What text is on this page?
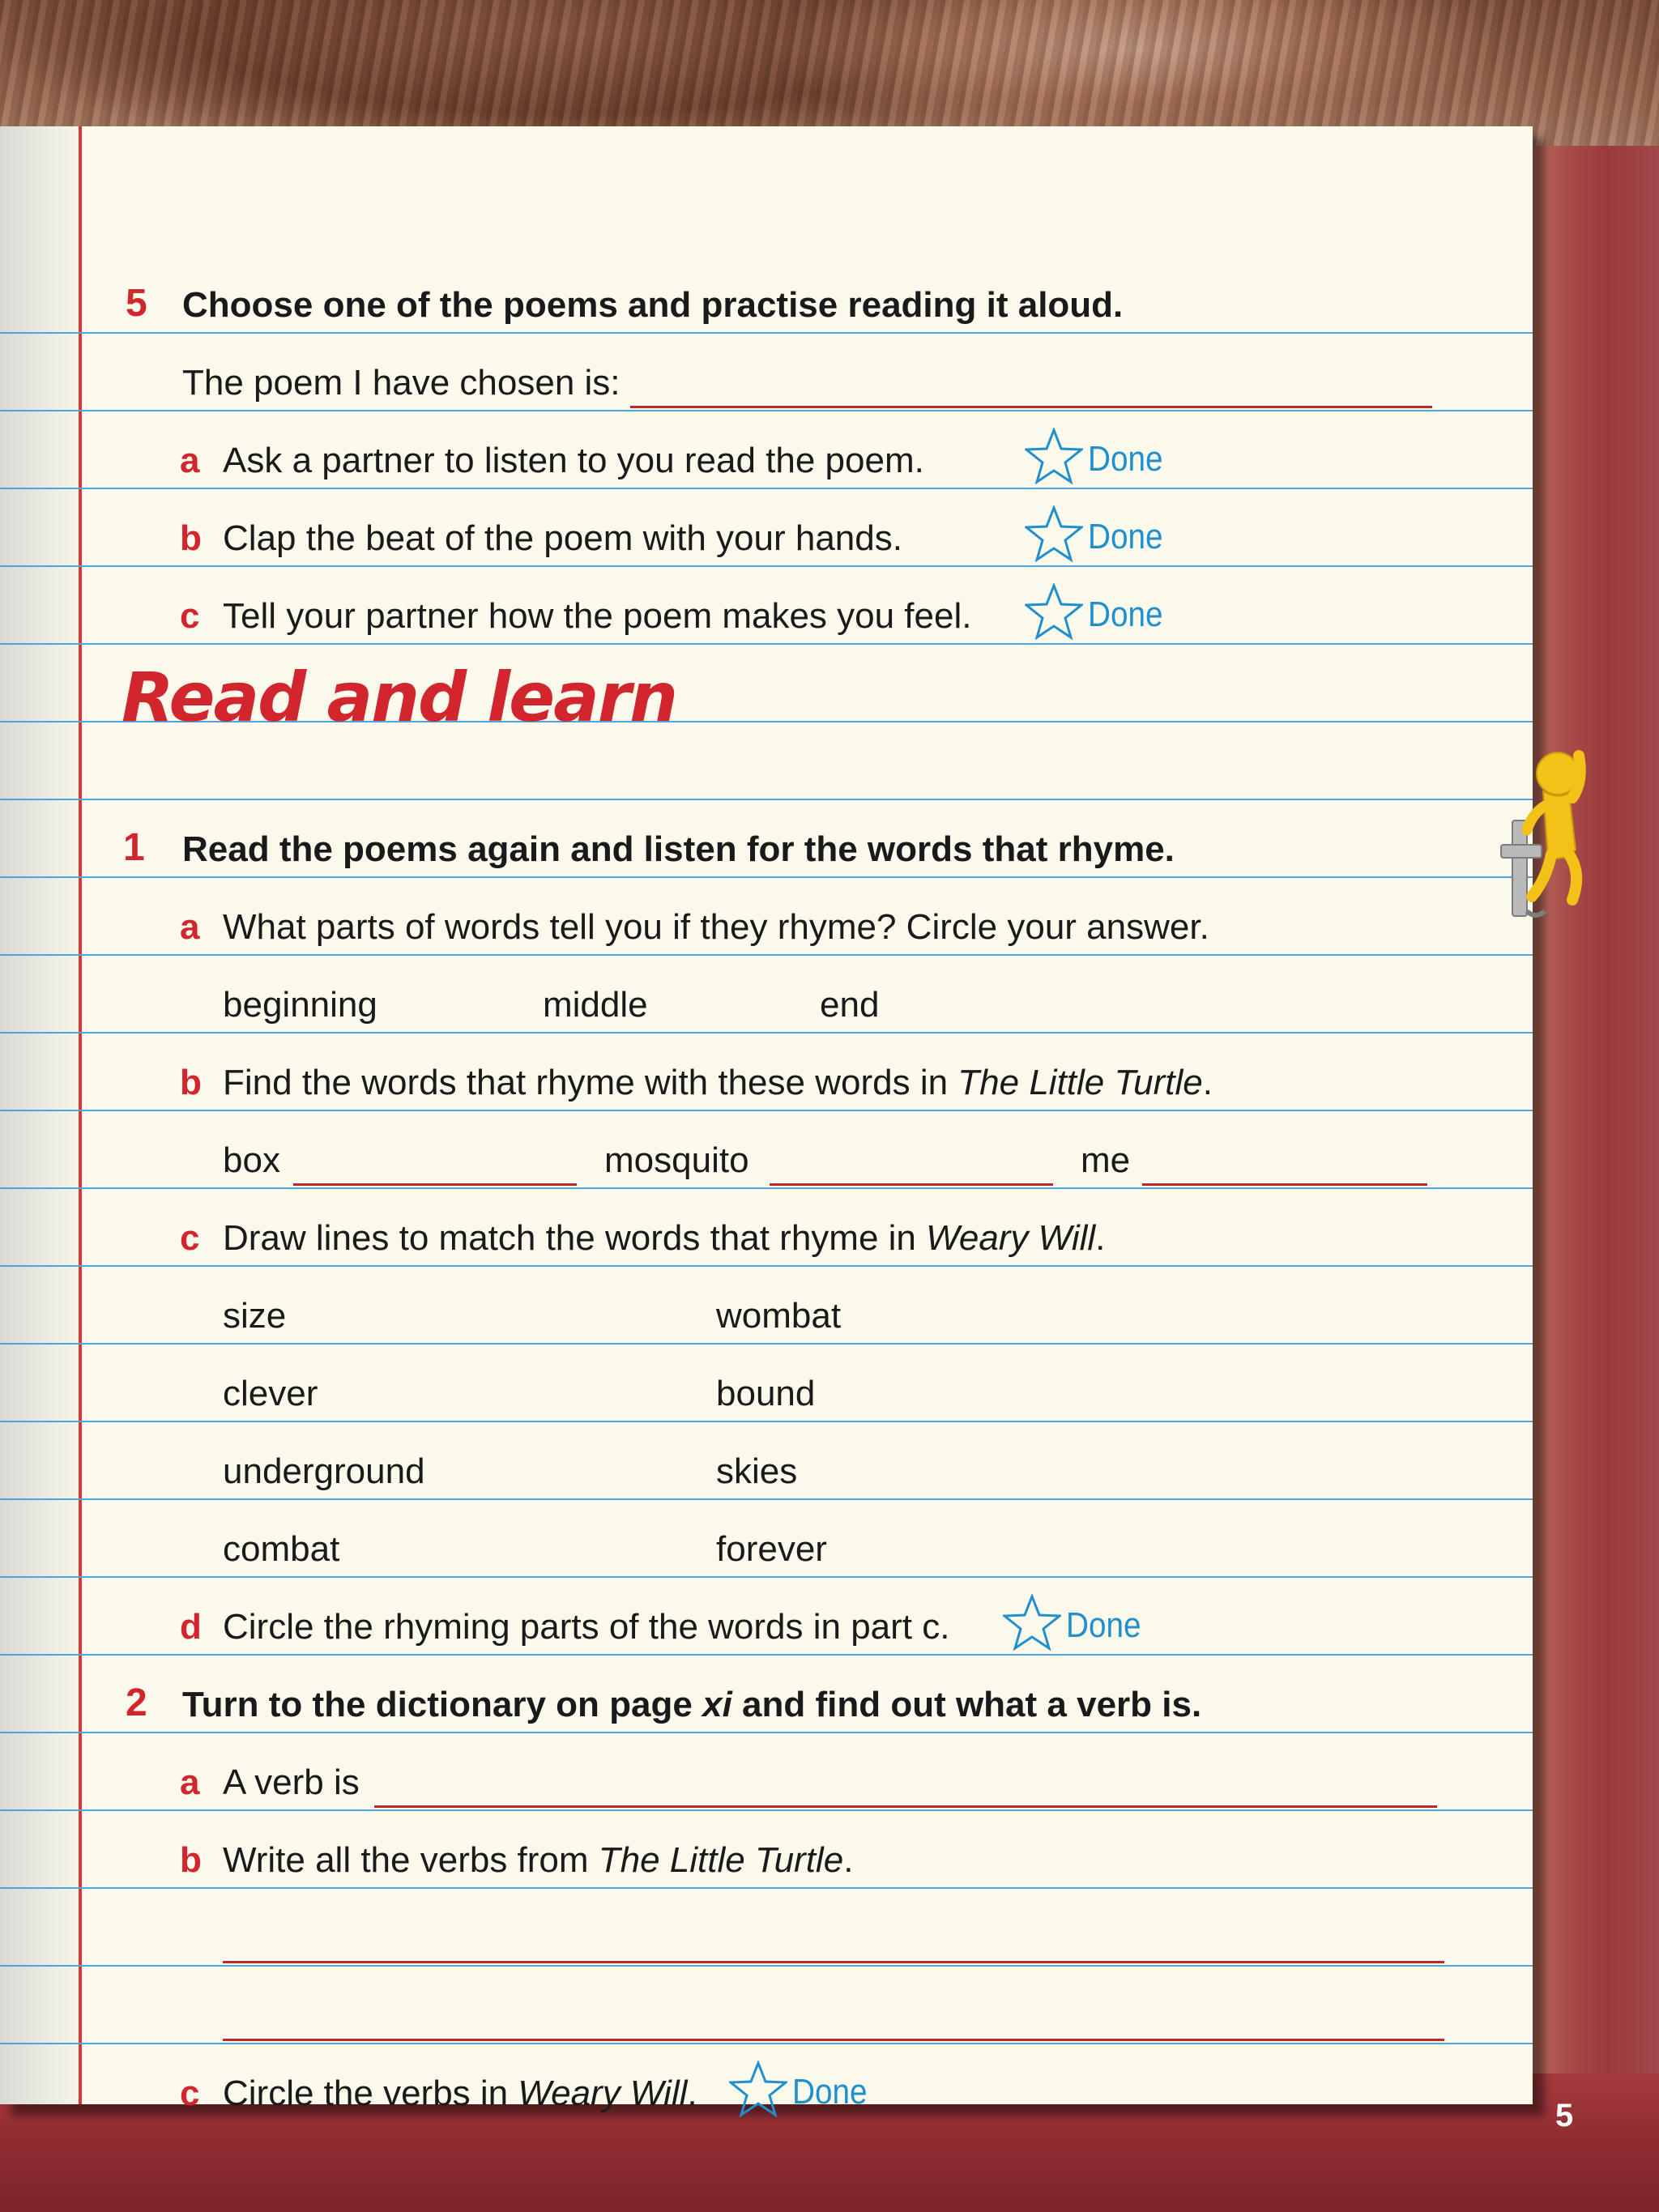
5 Choose one of the poems and practise reading it aloud.
The poem I have chosen is:
a Ask a partner to listen to you read the poem.	Done
b Clap the beat of the poem with your hands.	Done
c Tell your partner how the poem makes you feel.	Done
1 Read the poems again and listen for the words that rhyme.
a What parts of words tell you if they rhyme? Circle your answer.
beginning	middle	end
b Find the words that rhyme with these words in The Little Turtle.
box	mosquito	me
c Draw lines to match the words that rhyme in Weary Will.
size	wombat
clever	bound
underground	skies
combat	forever
d Circle the rhyming parts of the words in part c.	Done
2 Turn to the dictionary on page xi and find out what a verb is.
a A verb is
b Write all the verbs from The Little Turtle.
c Circle the verbs in Weary Will.	Done
Read and learn
5
